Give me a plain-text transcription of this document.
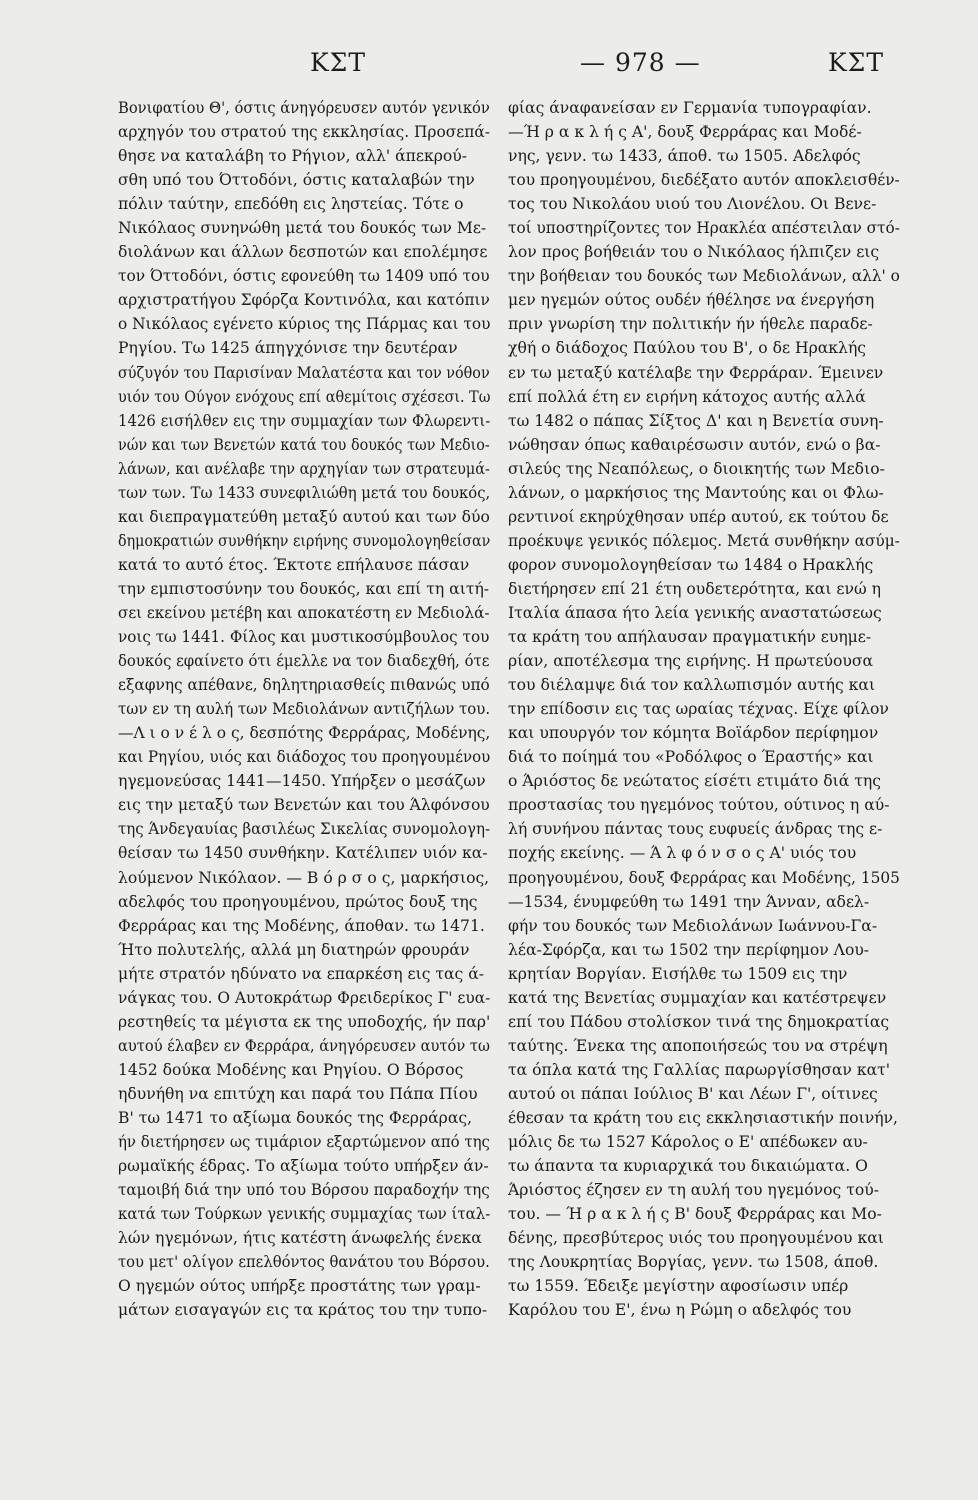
ΚΣΤ	— 978 —	ΚΣΤ
Βονιφατίου Θ', όστις άνηγόρευσεν αυτόν γενικόν
αρχηγόν του στρατού της εκκλησίας. Προσεπά-
θησε να καταλάβη το Ρήγιον, αλλ' άπεκρού-
σθη υπό του Όττοδόνι, όστις καταλαβών την
πόλιν ταύτην, επεδόθη εις ληστείας. Τότε ο
Νικόλαος συνηνώθη μετά του δουκός των Με-
διολάνων και άλλων δεσποτών και επολέμησε
τον Όττοδόνι, όστις εφονεύθη τω 1409 υπό του
αρχιστρατήγου Σφόρζα Κοντινόλα, και κατόπιν
ο Νικόλαος εγένετο κύριος της Πάρμας και του
Ρηγίου. Τω 1425 άπηγχόνισε την δευτέραν
σύζυγόν του Παρισίναν Μαλατέστα και τον νόθον
υιόν του Ούγον ενόχους επί αθεμίτοις σχέσεσι. Τω
1426 εισήλθεν εις την συμμαχίαν των Φλωρεντι-
νών και των Βενετών κατά του δουκός των Μεδιο-
λάνων, και ανέλαβε την αρχηγίαν των στρατευμά-
των των. Τω 1433 συνεφιλιώθη μετά του δουκός,
και διεπραγματεύθη μεταξύ αυτού και των δύο
δημοκρατιών συνθήκην ειρήνης συνομολογηθείσαν
κατά το αυτό έτος. Έκτοτε επήλαυσε πάσαν
την εμπιστοσύνην του δουκός, και επί τη αιτή-
σει εκείνου μετέβη και αποκατέστη εν Μεδιολά-
νοις τω 1441. Φίλος και μυστικοσύμβουλος του
δουκός εφαίνετο ότι έμελλε να τον διαδεχθή, ότε
εξαφνης απέθανε, δηλητηριασθείς πιθανώς υπό
των εν τη αυλή των Μεδιολάνων αντιζήλων του.
—Λ ι ο ν έ λ ο ς, δεσπότης Φερράρας, Μοδένης,
και Ρηγίου, υιός και διάδοχος του προηγουμένου
ηγεμονεύσας 1441—1450. Υπήρξεν ο μεσάζων
εις την μεταξύ των Βενετών και του Άλφόνσου
της Άνδεγαυίας βασιλέως Σικελίας συνομολογη-
θείσαν τω 1450 συνθήκην. Κατέλιπεν υιόν κα-
λούμενον Νικόλαον. — Β ό ρ σ ο ς, μαρκήσιος,
αδελφός του προηγουμένου, πρώτος δουξ της
Φερράρας και της Μοδένης, άποθαν. τω 1471.
Ήτο πολυτελής, αλλά μη διατηρών φρουράν
μήτε στρατόν ηδύνατο να επαρκέση εις τας ά-
νάγκας του. Ο Αυτοκράτωρ Φρειδερίκος Γ' ευα-
ρεστηθείς τα μέγιστα εκ της υποδοχής, ήν παρ'
αυτού έλαβεν εν Φερράρα, άνηγόρευσεν αυτόν τω
1452 δούκα Μοδένης και Ρηγίου. Ο Βόρσος
ηδυνήθη να επιτύχη και παρά του Πάπα Πίου
Β' τω 1471 το αξίωμα δουκός της Φερράρας,
ήν διετήρησεν ως τιμάριον εξαρτώμενον από της
ρωμαϊκής έδρας. Το αξίωμα τούτο υπήρξεν άν-
ταμοιβή διά την υπό του Βόρσου παραδοχήν της
κατά των Τούρκων γενικής συμμαχίας των ίταλ-
λών ηγεμόνων, ήτις κατέστη άνωφελής ένεκα
του μετ' ολίγον επελθόντος θανάτου του Βόρσου.
Ο ηγεμών ούτος υπήρξε προστάτης των γραμ-
μάτων εισαγαγών εις τα κράτος του την τυπο-
φίας άναφανείσαν εν Γερμανία τυπογραφίαν.
—Ή ρ α κ λ ή ς Α', δουξ Φερράρας και Μοδέ-
νης, γενν. τω 1433, άποθ. τω 1505. Αδελφός
του προηγουμένου, διεδέξατο αυτόν αποκλεισθέν-
τος του Νικολάου υιού του Λιονέλου. Οι Βενε-
τοί υποστηρίζοντες τον Ηρακλέα απέστειλαν στό-
λον προς βοήθειάν του ο Νικόλαος ήλπιζεν εις
την βοήθειαν του δουκός των Μεδιολάνων, αλλ' ο
μεν ηγεμών ούτος ουδέν ήθέλησε να ένεργήση
πριν γνωρίση την πολιτικήν ήν ήθελε παραδε-
χθή ο διάδοχος Παύλου του Β', ο δε Ηρακλής
εν τω μεταξύ κατέλαβε την Φερράραν. Έμεινεν
επί πολλά έτη εν ειρήνη κάτοχος αυτής αλλά
τω 1482 ο πάπας Σίξτος Δ' και η Βενετία συνη-
νώθησαν όπως καθαιρέσωσιν αυτόν, ενώ ο βα-
σιλεύς της Νεαπόλεως, ο διοικητής των Μεδιο-
λάνων, ο μαρκήσιος της Μαντούης και οι Φλω-
ρεντινοί εκηρύχθησαν υπέρ αυτού, εκ τούτου δε
προέκυψε γενικός πόλεμος. Μετά συνθήκην ασύμ-
φορον συνομολογηθείσαν τω 1484 ο Ηρακλής
διετήρησεν επί 21 έτη ουδετερότητα, και ενώ η
Ιταλία άπασα ήτο λεία γενικής αναστατώσεως
τα κράτη του απήλαυσαν πραγματικήν ευημε-
ρίαν, αποτέλεσμα της ειρήνης. Η πρωτεύουσα
του διέλαμψε διά τον καλλωπισμόν αυτής και
την επίδοσιν εις τας ωραίας τέχνας. Είχε φίλον
και υπουργόν τον κόμητα Βοϊάρδον περίφημον
διά το ποίημά του «Ροδόλφος ο Έραστής» και
ο Άριόστος δε νεώτατος είσέτι ετιμάτο διά της
προστασίας του ηγεμόνος τούτου, ούτινος η αύ-
λή συνήνου πάντας τους ευφυείς άνδρας της ε-
ποχής εκείνης. — Ά λ φ ό ν σ ο ς Α' υιός του
προηγουμένου, δουξ Φερράρας και Μοδένης, 1505
—1534, ένυμφεύθη τω 1491 την Άνναν, αδελ-
φήν του δουκός των Μεδιολάνων Ιωάννου-Γα-
λέα-Σφόρζα, και τω 1502 την περίφημον Λου-
κρητίαν Βοργίαν. Εισήλθε τω 1509 εις την
κατά της Βενετίας συμμαχίαν και κατέστρεψεν
επί του Πάδου στολίσκον τινά της δημοκρατίας
ταύτης. Ένεκα της αποποιήσεώς του να στρέψη
τα όπλα κατά της Γαλλίας παρωργίσθησαν κατ'
αυτού οι πάπαι Ιούλιος Β' και Λέων Γ', οίτινες
έθεσαν τα κράτη του εις εκκλησιαστικήν ποινήν,
μόλις δε τω 1527 Κάρολος ο Ε' απέδωκεν αυ-
τω άπαντα τα κυριαρχικά του δικαιώματα. Ο
Άριόστος έζησεν εν τη αυλή του ηγεμόνος τού-
του. — Ή ρ α κ λ ή ς Β' δουξ Φερράρας και Μο-
δένης, πρεσβύτερος υιός του προηγουμένου και
της Λουκρητίας Βοργίας, γενν. τω 1508, άποθ.
τω 1559. Έδειξε μεγίστην αφοσίωσιν υπέρ
Καρόλου του Ε', ένω η Ρώμη ο αδελφός του
